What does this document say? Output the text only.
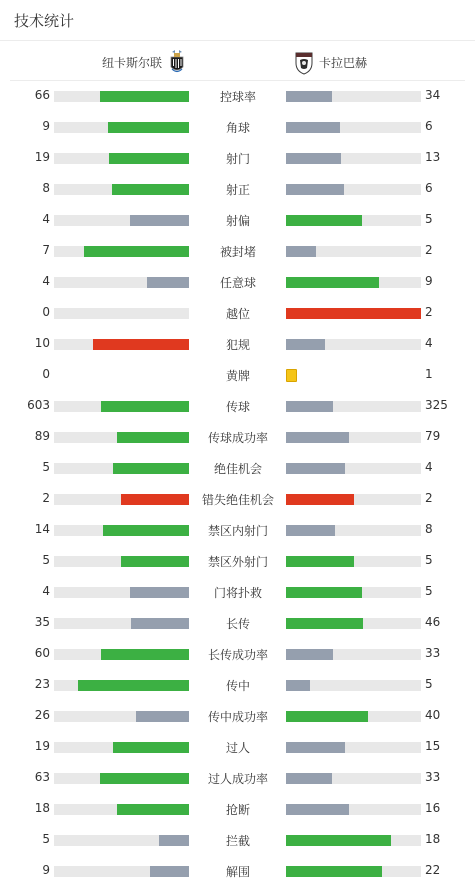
技术统计
纽卡斯尔联	卡拉巴赫
66	控球率	34
9	角球	6
19	射门	13
8	射正	6
4	射偏	5
7	被封堵	2
4	任意球	9
0	越位	2
10	犯规	4
0	黄牌	1
603	传球	325
89	传球成功率	79
5	绝佳机会	4
2	错失绝佳机会	2
14	禁区内射门	8
5	禁区外射门	5
4	门将扑救	5
35	长传	46
60	长传成功率	33
23	传中	5
26	传中成功率	40
19	过人	15
63	过人成功率	33
18	抢断	16
5	拦截	18
9	解围	22
